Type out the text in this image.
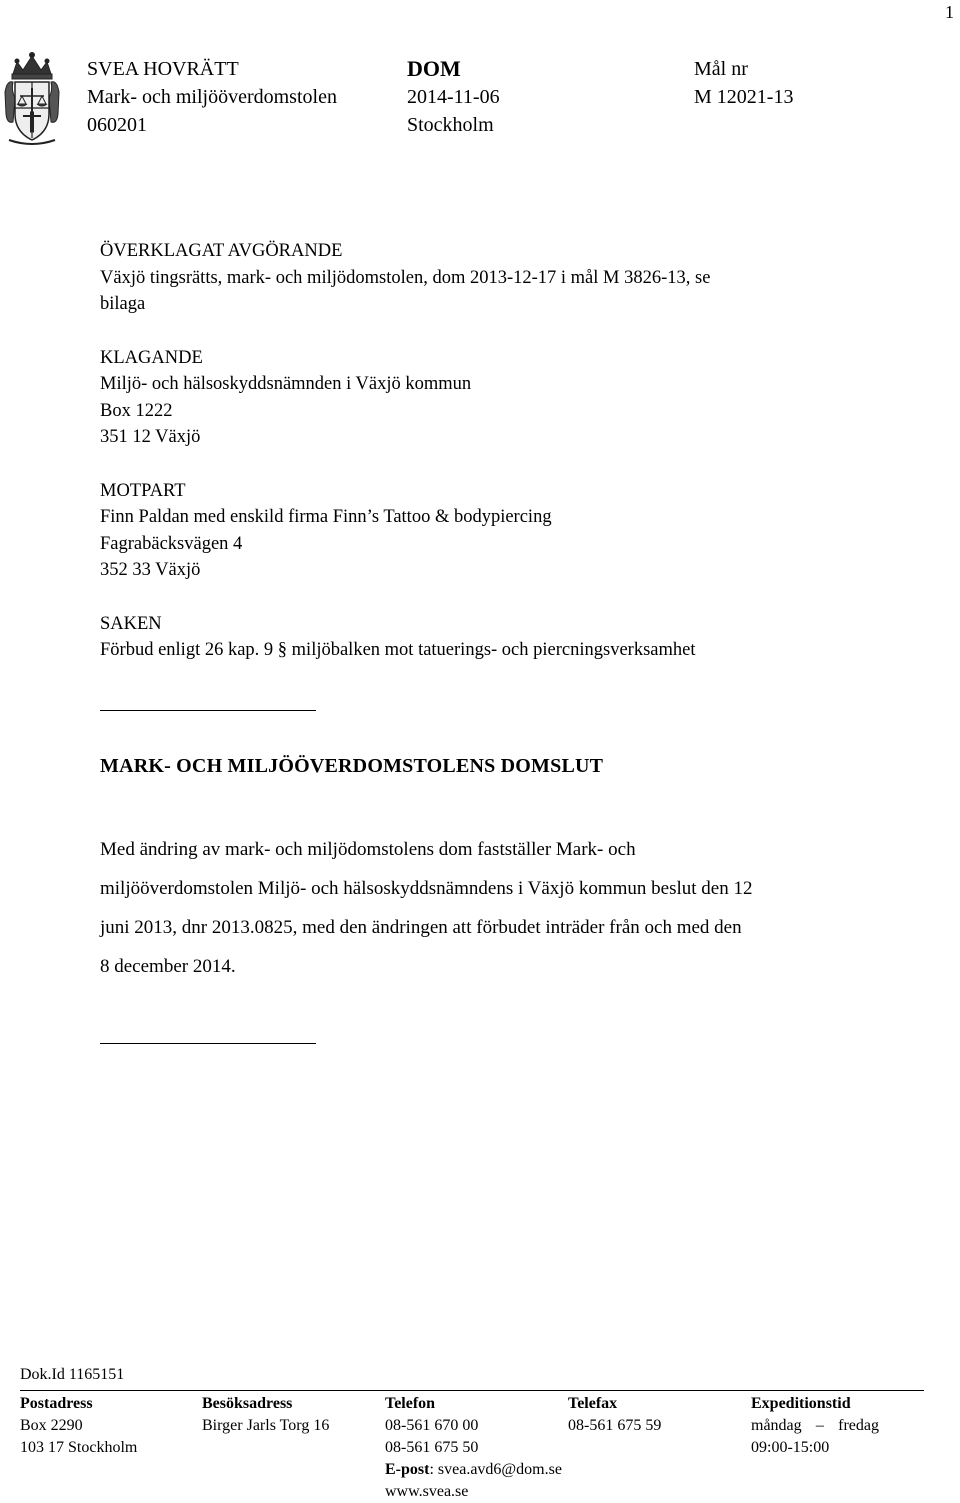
1
SVEA HOVRÄTT
Mark- och miljööverdomstolen
060201
DOM
2014-11-06
Stockholm
Mål nr
M 12021-13
ÖVERKLAGAT AVGÖRANDE
Växjö tingsrätts, mark- och miljödomstolen, dom 2013-12-17 i mål M 3826-13, se
bilaga
KLAGANDE
Miljö- och hälsoskyddsnämnden i Växjö kommun
Box 1222
351 12 Växjö
MOTPART
Finn Paldan med enskild firma Finn’s Tattoo & bodypiercing
Fagrabäcksvägen 4
352 33 Växjö
SAKEN
Förbud enligt 26 kap. 9 § miljöbalken mot tatuerings- och piercningsverksamhet
MARK- OCH MILJÖÖVERDOMSTOLENS DOMSLUT
Med ändring av mark- och miljödomstolens dom fastställer Mark- och
miljööverdomstolen Miljö- och hälsoskyddsnämndens i Växjö kommun beslut den 12
juni 2013, dnr 2013.0825, med den ändringen att förbudet inträder från och med den
8 december 2014.
Dok.Id 1165151
Postadress
Box 2290
103 17 Stockholm
Besöksadress
Birger Jarls Torg 16
Telefon
08-561 670 00
08-561 675 50
E-post: svea.avd6@dom.se
www.svea.se
Telefax
08-561 675 59
Expeditionstid
måndag – fredag
09:00-15:00
